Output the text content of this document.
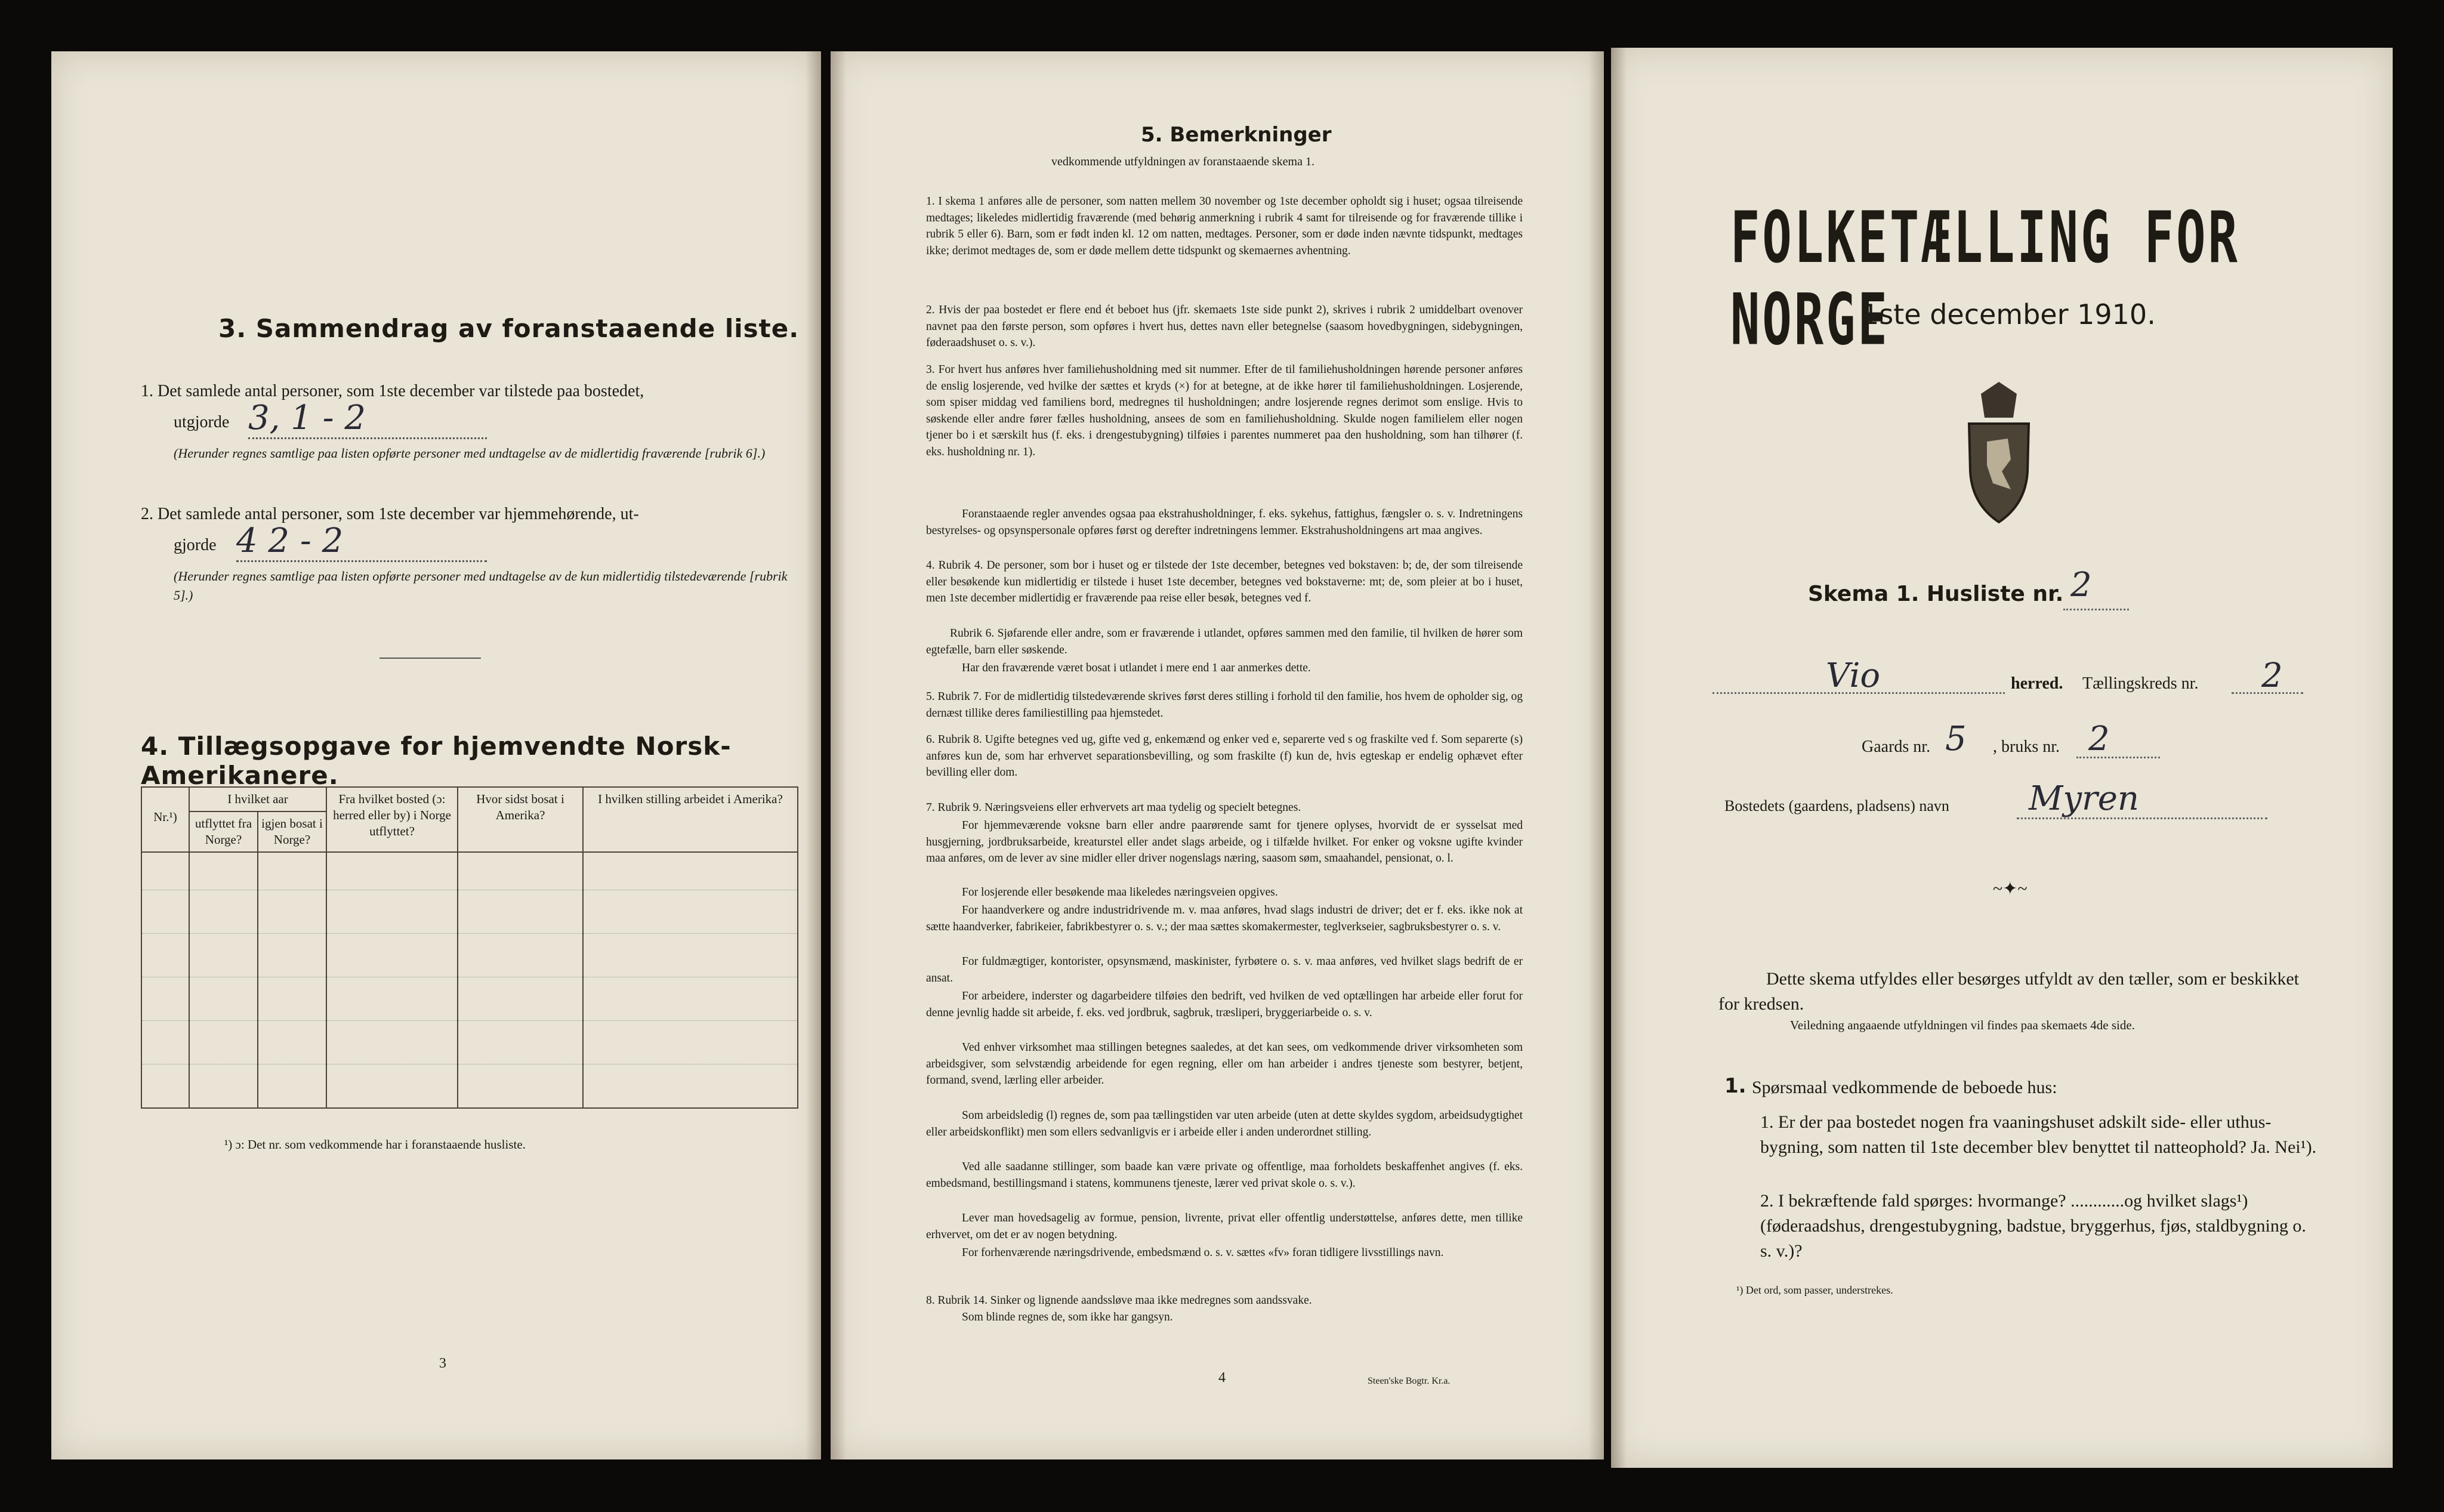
3. Sammendrag av foranstaaende liste.
1. Det samlede antal personer, som 1ste december var tilstede paa bostedet,
utgjorde 3, 1 - 2
(Herunder regnes samtlige paa listen opførte personer med undtagelse av de midlertidig fraværende [rubrik 6].)
2. Det samlede antal personer, som 1ste december var hjemmehørende, ut-
gjorde 4 2 - 2
(Herunder regnes samtlige paa listen opførte personer med undtagelse av de kun midlertidig tilstedeværende [rubrik 5].)
4. Tillægsopgave for hjemvendte Norsk-Amerikanere.
Nr.¹)	I hvilket aar		Fra hvilket bosted (ɔ: herred eller by) i Norge utflyttet?	Hvor sidst bosat i Amerika?	I hvilken stilling arbeidet i Amerika?
	utflyttet fra Norge?	igjen bosat i Norge?			

¹) ɔ: Det nr. som vedkommende har i foranstaaende husliste.
3
5. Bemerkninger
vedkommende utfyldningen av foranstaaende skema 1.
1. I skema 1 anføres alle de personer, som natten mellem 30 november og 1ste december opholdt sig i huset; ogsaa tilreisende medtages; likeledes midlertidig fraværende (med behørig anmerkning i rubrik 4 samt for tilreisende og for fraværende tillike i rubrik 5 eller 6). Barn, som er født inden kl. 12 om natten, medtages. Personer, som er døde inden nævnte tidspunkt, medtages ikke; derimot medtages de, som er døde mellem dette tidspunkt og skemaernes avhentning.
2. Hvis der paa bostedet er flere end ét beboet hus (jfr. skemaets 1ste side punkt 2), skrives i rubrik 2 umiddelbart ovenover navnet paa den første person, som opføres i hvert hus, dettes navn eller betegnelse (saasom hovedbygningen, sidebygningen, føderaadshuset o. s. v.).
3. For hvert hus anføres hver familiehusholdning med sit nummer. Efter de til familiehusholdningen hørende personer anføres de enslig losjerende, ved hvilke der sættes et kryds (×) for at betegne, at de ikke hører til familiehusholdningen. Losjerende, som spiser middag ved familiens bord, medregnes til husholdningen; andre losjerende regnes derimot som enslige. Hvis to søskende eller andre fører fælles husholdning, ansees de som en familiehusholdning. Skulde nogen familielem eller nogen tjener bo i et særskilt hus (f. eks. i drengestubygning) tilføies i parentes nummeret paa den husholdning, som han tilhører (f. eks. husholdning nr. 1).
Foranstaaende regler anvendes ogsaa paa ekstrahusholdninger, f. eks. sykehus, fattighus, fængsler o. s. v. Indretningens bestyrelses- og opsynspersonale opføres først og derefter indretningens lemmer. Ekstrahusholdningens art maa angives.
4. Rubrik 4. De personer, som bor i huset og er tilstede der 1ste december, betegnes ved bokstaven: b; de, der som tilreisende eller besøkende kun midlertidig er tilstede i huset 1ste december, betegnes ved bokstaverne: mt; de, som pleier at bo i huset, men 1ste december midlertidig er fraværende paa reise eller besøk, betegnes ved f.
Rubrik 6. Sjøfarende eller andre, som er fraværende i utlandet, opføres sammen med den familie, til hvilken de hører som egtefælle, barn eller søskende.
Har den fraværende været bosat i utlandet i mere end 1 aar anmerkes dette.
5. Rubrik 7. For de midlertidig tilstedeværende skrives først deres stilling i forhold til den familie, hos hvem de opholder sig, og dernæst tillike deres familiestilling paa hjemstedet.
6. Rubrik 8. Ugifte betegnes ved ug, gifte ved g, enkemænd og enker ved e, separerte ved s og fraskilte ved f. Som separerte (s) anføres kun de, som har erhvervet separationsbevilling, og som fraskilte (f) kun de, hvis egteskap er endelig ophævet efter bevilling eller dom.
7. Rubrik 9. Næringsveiens eller erhvervets art maa tydelig og specielt betegnes.
For hjemmeværende voksne barn eller andre paarørende samt for tjenere oplyses, hvorvidt de er sysselsat med husgjerning, jordbruksarbeide, kreaturstel eller andet slags arbeide, og i tilfælde hvilket. For enker og voksne ugifte kvinder maa anføres, om de lever av sine midler eller driver nogenslags næring, saasom søm, smaahandel, pensionat, o. l.
For losjerende eller besøkende maa likeledes næringsveien opgives.
For haandverkere og andre industridrivende m. v. maa anføres, hvad slags industri de driver; det er f. eks. ikke nok at sætte haandverker, fabrikeier, fabrikbestyrer o. s. v.; der maa sættes skomakermester, teglverkseier, sagbruksbestyrer o. s. v.
For fuldmægtiger, kontorister, opsynsmænd, maskinister, fyrbøtere o. s. v. maa anføres, ved hvilket slags bedrift de er ansat.
For arbeidere, inderster og dagarbeidere tilføies den bedrift, ved hvilken de ved optællingen har arbeide eller forut for denne jevnlig hadde sit arbeide, f. eks. ved jordbruk, sagbruk, træsliperi, bryggeriarbeide o. s. v.
Ved enhver virksomhet maa stillingen betegnes saaledes, at det kan sees, om vedkommende driver virksomheten som arbeidsgiver, som selvstændig arbeidende for egen regning, eller om han arbeider i andres tjeneste som bestyrer, betjent, formand, svend, lærling eller arbeider.
Som arbeidsledig (l) regnes de, som paa tællingstiden var uten arbeide (uten at dette skyldes sygdom, arbeidsudygtighet eller arbeidskonflikt) men som ellers sedvanligvis er i arbeide eller i anden underordnet stilling.
Ved alle saadanne stillinger, som baade kan være private og offentlige, maa forholdets beskaffenhet angives (f. eks. embedsmand, bestillingsmand i statens, kommunens tjeneste, lærer ved privat skole o. s. v.).
Lever man hovedsagelig av formue, pension, livrente, privat eller offentlig understøttelse, anføres dette, men tillike erhvervet, om det er av nogen betydning.
For forhenværende næringsdrivende, embedsmænd o. s. v. sættes «fv» foran tidligere livsstillings navn.
8. Rubrik 14. Sinker og lignende aandssløve maa ikke medregnes som aandssvake.
Som blinde regnes de, som ikke har gangsyn.
4	Steen'ske Bogtr. Kr.a.
FOLKETÆLLING FOR NORGE
1ste december 1910.
Skema 1. Husliste nr. 2
Vio	herred. Tællingskreds nr. 2
Gaards nr. 5 , bruks nr. 2
Bostedets (gaardens, pladsens) navn Myren
~✦~
Dette skema utfyldes eller besørges utfyldt av den tæller, som er beskikket for kredsen.
Veiledning angaaende utfyldningen vil findes paa skemaets 4de side.
1. Spørsmaal vedkommende de beboede hus:
1. Er der paa bostedet nogen fra vaaningshuset adskilt side- eller uthus-bygning, som natten til 1ste december blev benyttet til natteophold? Ja. Nei¹).
2. I bekræftende fald spørges: hvormange? ............og hvilket slags¹) (føderaadshus, drengestubygning, badstue, bryggerhus, fjøs, staldbygning o. s. v.)?
¹) Det ord, som passer, understrekes.
